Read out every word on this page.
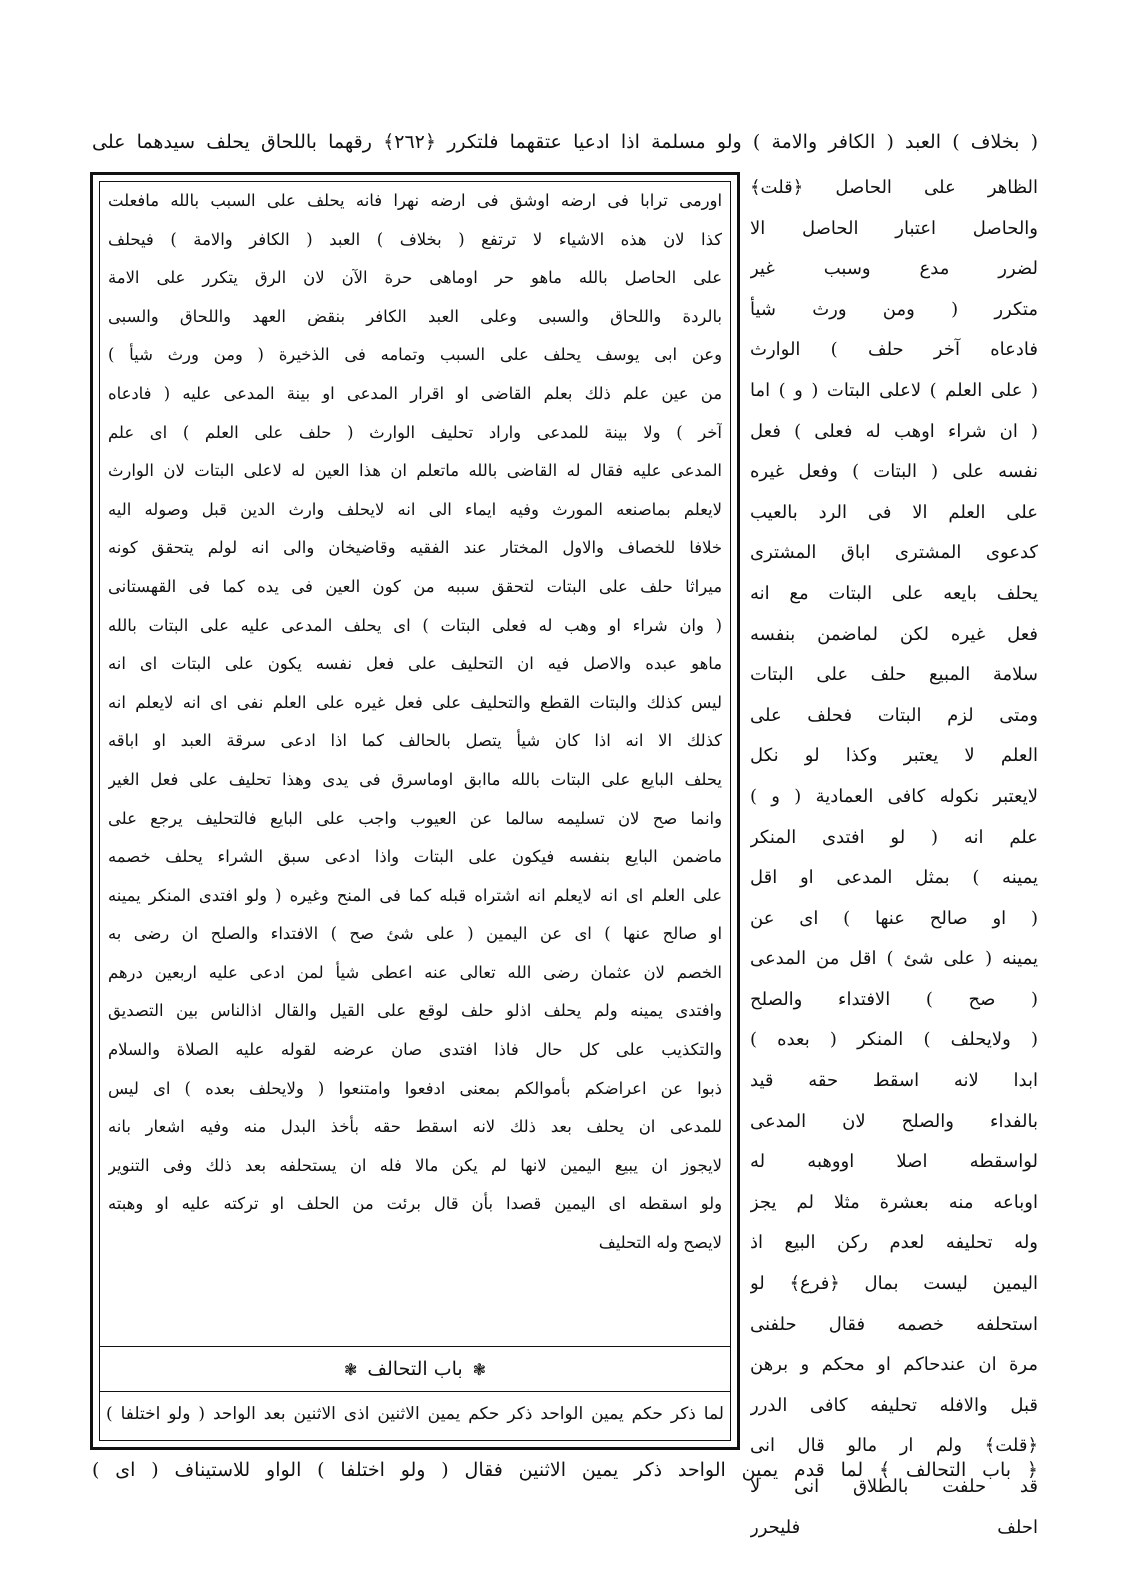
( بخلاف ) العبد ( الكافر والامة ) ولو مسلمة اذا ادعيا عتقهما فلتكرر ﴿٢٦٢﴾ رقهما باللحاق يحلف سيدهما على
اورمى ترابا فى ارضه اوشق فى ارضه نهرا فانه يحلف على السبب بالله مافعلت
كذا لان هذه الاشياء لا ترتفع ( بخلاف ) العبد ( الكافر والامة ) فيحلف
على الحاصل بالله ماهو حر اوماهى حرة الآن لان الرق يتكرر على الامة
بالردة واللحاق والسبى وعلى العبد الكافر بنقض العهد واللحاق والسبى
وعن ابى يوسف يحلف على السبب وتمامه فى الذخيرة ( ومن ورث شيأ )
من عين علم ذلك بعلم القاضى او اقرار المدعى او بينة المدعى عليه ( فادعاه
آخر ) ولا بينة للمدعى واراد تحليف الوارث ( حلف على العلم ) اى علم
المدعى عليه فقال له القاضى بالله ماتعلم ان هذا العين له لاعلى البتات لان الوارث
لايعلم بماصنعه المورث وفيه ايماء الى انه لايحلف وارث الدين قبل وصوله اليه
خلافا للخصاف والاول المختار عند الفقيه وقاضيخان والى انه لولم يتحقق كونه
ميراثا حلف على البتات لتحقق سببه من كون العين فى يده كما فى القهستانى
( وان شراء او وهب له فعلى البتات ) اى يحلف المدعى عليه على البتات بالله
ماهو عبده والاصل فيه ان التحليف على فعل نفسه يكون على البتات اى انه
ليس كذلك والبتات القطع والتحليف على فعل غيره على العلم نفى اى انه لايعلم انه
كذلك الا انه اذا كان شيأ يتصل بالحالف كما اذا ادعى سرقة العبد او اباقه
يحلف البايع على البتات بالله ماابق اوماسرق فى يدى وهذا تحليف على فعل الغير
وانما صح لان تسليمه سالما عن العيوب واجب على البايع فالتحليف يرجع على
ماضمن البايع بنفسه فيكون على البتات واذا ادعى سبق الشراء يحلف خصمه
على العلم اى انه لايعلم انه اشتراه قبله كما فى المنح وغيره ( ولو افتدى المنكر يمينه
او صالح عنها ) اى عن اليمين ( على شئ صح ) الافتداء والصلح ان رضى به
الخصم لان عثمان رضى الله تعالى عنه اعطى شيأ لمن ادعى عليه اربعين درهم
وافتدى يمينه ولم يحلف اذلو حلف لوقع على القيل والقال اذالناس بين التصديق
والتكذيب على كل حال فاذا افتدى صان عرضه لقوله عليه الصلاة والسلام
ذبوا عن اعراضكم بأموالكم بمعنى ادفعوا وامتنعوا ( ولايحلف بعده ) اى ليس
للمدعى ان يحلف بعد ذلك لانه اسقط حقه بأخذ البدل منه وفيه اشعار بانه
لايجوز ان يبيع اليمين لانها لم يكن مالا فله ان يستحلفه بعد ذلك وفى التنوير
ولو اسقطه اى اليمين قصدا بأن قال برئت من الحلف او تركته عليه او وهبته
لايصح وله التحليف
❃
باب التحالف
❃
لما ذكر حكم يمين الواحد ذكر حكم يمين الاثنين اذى الاثنين بعد الواحد ( ولو اختلفا )
الظاهر على الحاصل ﴿قلت﴾
والحاصل اعتبار الحاصل الا
لضرر مدع وسبب غير
متكرر ( ومن ورث شيأ
فادعاه آخر حلف ) الوارث
( على العلم ) لاعلى البتات ( و ) اما
( ان شراء اوهب له فعلى ) فعل
نفسه على ( البتات ) وفعل غيره
على العلم الا فى الرد بالعيب
كدعوى المشترى اباق المشترى
يحلف بايعه على البتات مع انه
فعل غيره لكن لماضمن بنفسه
سلامة المبيع حلف على البتات
ومتى لزم البتات فحلف على
العلم لا يعتبر وكذا لو نكل
لايعتبر نكوله كافى العمادية ( و )
علم انه ( لو افتدى المنكر
يمينه ) بمثل المدعى او اقل
( او صالح عنها ) اى عن
يمينه ( على شئ ) اقل من المدعى
( صح ) الافتداء والصلح
( ولايحلف ) المنكر ( بعده )
ابدا لانه اسقط حقه قيد
بالفداء والصلح لان المدعى
لواسقطه اصلا اووهبه له
اوباعه منه بعشرة مثلا لم يجز
وله تحليفه لعدم ركن البيع اذ
اليمين ليست بمال ﴿فرع﴾ لو
استحلفه خصمه فقال حلفنى
مرة ان عندحاكم او محكم و برهن
قبل والافله تحليفه كافى الدرر
﴿قلت﴾ ولم ار مالو قال انى
قد حلفت بالطلاق انى لا
احلف فليحرر
﴿ باب التحالف ﴾ لما قدم يمين الواحد ذكر يمين الاثنين فقال ( ولو اختلفا ) الواو للاستيناف ( اى )
